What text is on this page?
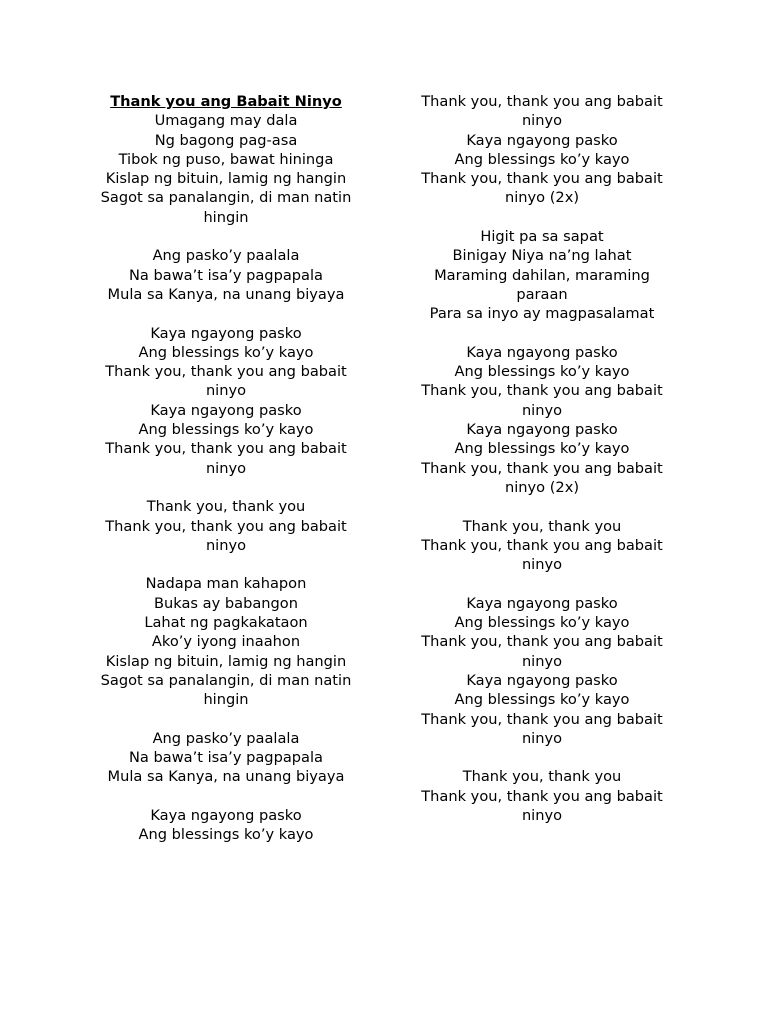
Thank you ang Babait Ninyo
Umagang may dala
Ng bagong pag-asa
Tibok ng puso, bawat hininga
Kislap ng bituin, lamig ng hangin
Sagot sa panalangin, di man natin
hingin
Ang pasko’y paalala
Na bawa’t isa’y pagpapala
Mula sa Kanya, na unang biyaya
Kaya ngayong pasko
Ang blessings ko’y kayo
Thank you, thank you ang babait
ninyo
Kaya ngayong pasko
Ang blessings ko’y kayo
Thank you, thank you ang babait
ninyo
Thank you, thank you
Thank you, thank you ang babait
ninyo
Nadapa man kahapon
Bukas ay babangon
Lahat ng pagkakataon
Ako’y iyong inaahon
Kislap ng bituin, lamig ng hangin
Sagot sa panalangin, di man natin
hingin
Ang pasko’y paalala
Na bawa’t isa’y pagpapala
Mula sa Kanya, na unang biyaya
Kaya ngayong pasko
Ang blessings ko’y kayo
Thank you, thank you ang babait
ninyo
Kaya ngayong pasko
Ang blessings ko’y kayo
Thank you, thank you ang babait
ninyo (2x)
Higit pa sa sapat
Binigay Niya na’ng lahat
Maraming dahilan, maraming
paraan
Para sa inyo ay magpasalamat
Kaya ngayong pasko
Ang blessings ko’y kayo
Thank you, thank you ang babait
ninyo
Kaya ngayong pasko
Ang blessings ko’y kayo
Thank you, thank you ang babait
ninyo (2x)
Thank you, thank you
Thank you, thank you ang babait
ninyo
Kaya ngayong pasko
Ang blessings ko’y kayo
Thank you, thank you ang babait
ninyo
Kaya ngayong pasko
Ang blessings ko’y kayo
Thank you, thank you ang babait
ninyo
Thank you, thank you
Thank you, thank you ang babait
ninyo
